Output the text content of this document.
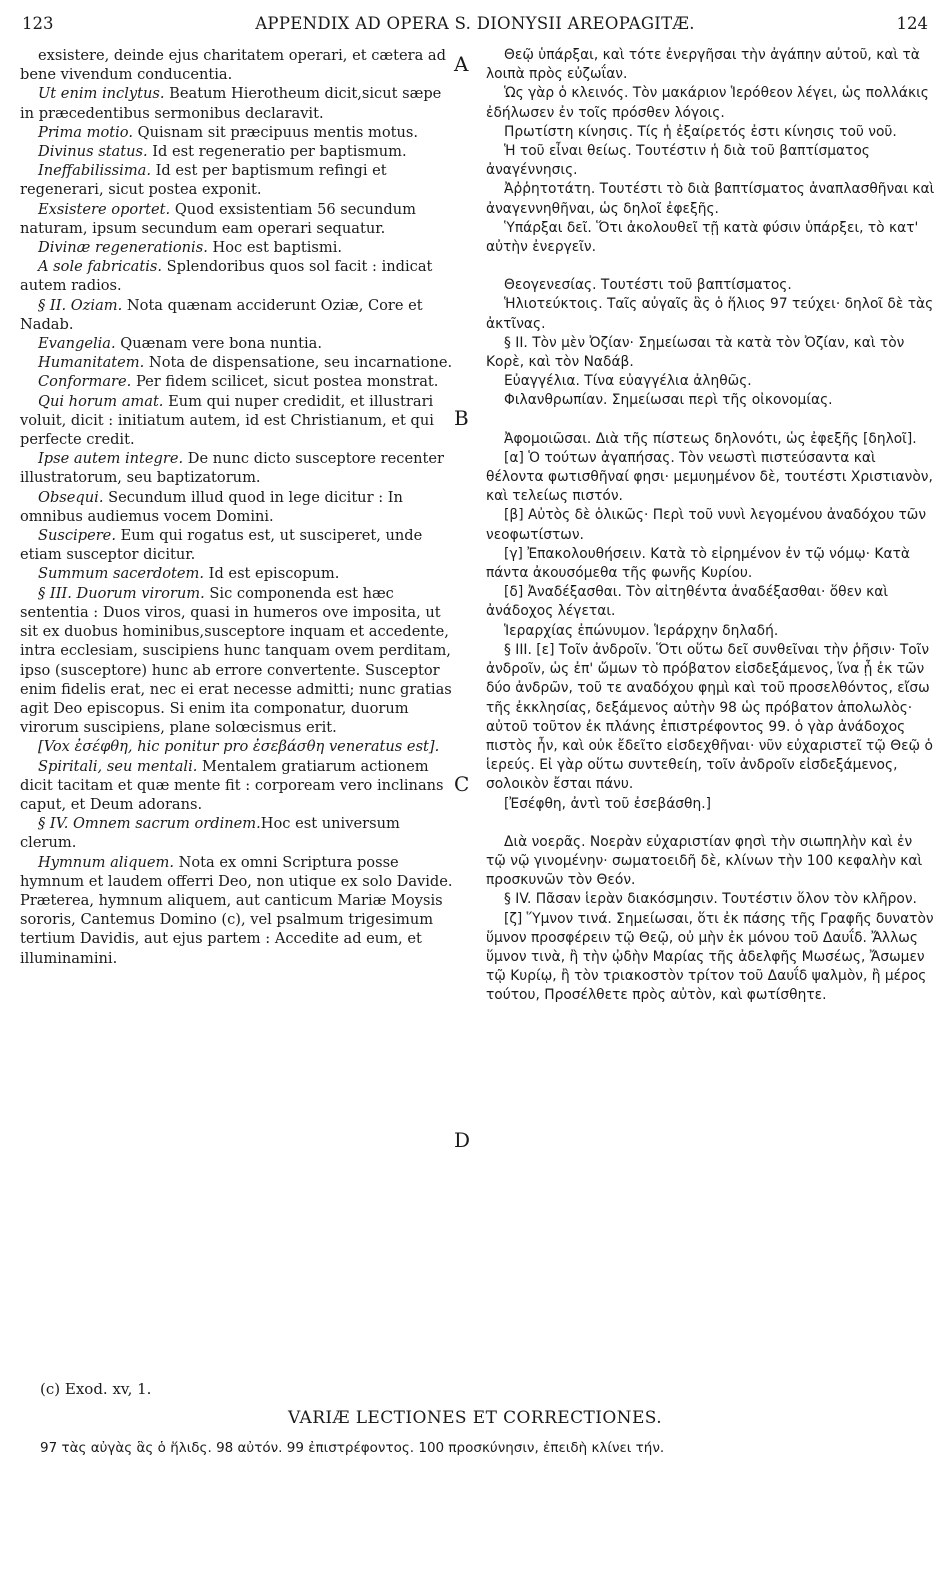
123	APPENDIX AD OPERA S. DIONYSII AREOPAGITÆ.	124

exsistere, deinde ejus charitatem operari, et cætera ad bene vivendum conducentia.

Ut enim inclytus. Beatum Hierotheum dicit,sicut sæpe in præcedentibus sermonibus declaravit.

Prima motio. Quisnam sit præcipuus mentis motus.

Divinus status. Id est regeneratio per baptismum.

Ineffabilissima. Id est per baptismum refingi et regenerari, sicut postea exponit.

Exsistere oportet. Quod exsistentiam 56 secundum naturam, ipsum secundum eam operari sequatur.

Divinæ regenerationis. Hoc est baptismi.

A sole fabricatis. Splendoribus quos sol facit : indicat autem radios.

§ II. Oziam. Nota quænam acciderunt Oziæ, Core et Nadab.

Evangelia. Quænam vere bona nuntia.

Humanitatem. Nota de dispensatione, seu incarnatione.

Conformare. Per fidem scilicet, sicut postea monstrat.

Qui horum amat. Eum qui nuper credidit, et illustrari voluit, dicit : initiatum autem, id est Christianum, et qui perfecte credit.

Ipse autem integre. De nunc dicto susceptore recenter illustratorum, seu baptizatorum.

Obsequi. Secundum illud quod in lege dicitur : In omnibus audiemus vocem Domini.

Suscipere. Eum qui rogatus est, ut susciperet, unde etiam susceptor dicitur.

Summum sacerdotem. Id est episcopum.

§ III. Duorum virorum. Sic componenda est hæc sententia : Duos viros, quasi in humeros ove imposita, ut sit ex duobus hominibus,susceptore inquam et accedente, intra ecclesiam, suscipiens hunc tanquam ovem perditam, ipso (susceptore) hunc ab errore convertente. Susceptor enim fidelis erat, nec ei erat necesse admitti; nunc gratias agit Deo episcopus. Si enim ita componatur, duorum virorum suscipiens, plane solœcismus erit.

[Vox ἐσέφθη, hic ponitur pro ἐσεβάσθη veneratus est].

Spiritali, seu mentali. Mentalem gratiarum actionem dicit tacitam et quæ mente fit : corpoream vero inclinans caput, et Deum adorans.

§ IV. Omnem sacrum ordinem.Hoc est universum clerum.

Hymnum aliquem. Nota ex omni Scriptura posse hymnum et laudem offerri Deo, non utique ex solo Davide. Præterea, hymnum aliquem, aut canticum Mariæ Moysis sororis, Cantemus Domino (c), vel psalmum trigesimum tertium Davidis, aut ejus partem : Accedite ad eum, et illuminamini.

Θεῷ ὑπάρξαι, καὶ τότε ἐνεργῆσαι τὴν ἀγάπην αὐτοῦ, καὶ τὰ λοιπὰ πρὸς εὐζωΐαν.

Ὡς γὰρ ὁ κλεινός. Τὸν μακάριον Ἱερόθεον λέγει, ὡς πολλάκις ἐδήλωσεν ἐν τοῖς πρόσθεν λόγοις.

Πρωτίστη κίνησις. Τίς ἡ ἐξαίρετός ἐστι κίνησις τοῦ νοῦ.

Ἡ τοῦ εἶναι θείως. Τουτέστιν ἡ διὰ τοῦ βαπτίσματος ἀναγέννησις.

Ἀῤῥητοτάτη. Τουτέστι τὸ διὰ βαπτίσματος ἀναπλασθῆναι καὶ ἀναγεννηθῆναι, ὡς δηλοῖ ἐφεξῆς.

Ὑπάρξαι δεῖ. Ὅτι ἀκολουθεῖ τῇ κατὰ φύσιν ὑπάρξει, τὸ κατ' αὐτὴν ἐνεργεῖν.

Θεογενεσίας. Τουτέστι τοῦ βαπτίσματος.

Ἡλιοτεύκτοις. Ταῖς αὐγαῖς ἃς ὁ ἥλιος 97 τεύχει· δηλοῖ δὲ τὰς ἀκτῖνας.

§ II. Τὸν μὲν Ὀζίαν· Σημείωσαι τὰ κατὰ τὸν Ὀζίαν, καὶ τὸν Κορὲ, καὶ τὸν Ναδάβ.

Εὐαγγέλια. Τίνα εὐαγγέλια ἀληθῶς.

Φιλανθρωπίαν. Σημείωσαι περὶ τῆς οἰκονομίας.

Ἀφομοιῶσαι. Διὰ τῆς πίστεως δηλονότι, ὡς ἐφεξῆς [δηλοῖ].

[α] Ὁ τούτων ἀγαπήσας. Τὸν νεωστὶ πιστεύσαντα καὶ θέλοντα φωτισθῆναί φησι· μεμυημένον δὲ, τουτέστι Χριστιανὸν, καὶ τελείως πιστόν.

[β] Αὐτὸς δὲ ὁλικῶς· Περὶ τοῦ νυνὶ λεγομένου ἀναδόχου τῶν νεοφωτίστων.

[γ] Ἐπακολουθήσειν. Κατὰ τὸ εἰρημένον ἐν τῷ νόμῳ· Κατὰ πάντα ἀκουσόμεθα τῆς φωνῆς Κυρίου.

[δ] Ἀναδέξασθαι. Τὸν αἰτηθέντα ἀναδέξασθαι· ὅθεν καὶ ἀνάδοχος λέγεται.

Ἱεραρχίας ἐπώνυμον. Ἱεράρχην δηλαδή.

§ III. [ε] Τοῖν ἀνδροῖν. Ὅτι οὕτω δεῖ συνθεῖναι τὴν ῥῆσιν· Τοῖν ἀνδροῖν, ὡς ἐπ' ὤμων τὸ πρόβατον εἰσδεξάμενος, ἵνα ᾖ ἐκ τῶν δύο ἀνδρῶν, τοῦ τε αναδόχου φημὶ καὶ τοῦ προσελθόντος, εἴσω τῆς ἐκκλησίας, δεξάμενος αὐτὴν 98 ὡς πρόβατον ἀπολωλὸς· αὐτοῦ τοῦτον ἐκ πλάνης ἐπιστρέφοντος 99. ὁ γὰρ ἀνάδοχος πιστὸς ἦν, καὶ οὐκ ἔδεῖτο εἰσδεχθῆναι· νῦν εὐχαριστεῖ τῷ Θεῷ ὁ ἱερεύς. Εἰ γὰρ οὕτω συντεθείη, τοῖν ἀνδροῖν εἰσδεξάμενος, σολοικὸν ἔσται πάνυ.

[Ἐσέφθη, ἀντὶ τοῦ ἐσεβάσθη.]

Διὰ νοερᾶς. Νοερὰν εὐχαριστίαν φησὶ τὴν σιωπηλὴν καὶ ἐν τῷ νῷ γινομένην· σωματοειδῆ δὲ, κλίνων τὴν 100 κεφαλὴν καὶ προσκυνῶν τὸν Θεόν.

§ IV. Πᾶσαν ἱερὰν διακόσμησιν. Τουτέστιν ὅλον τὸν κλῆρον.

[ζ] Ὕμνον τινά. Σημείωσαι, ὅτι ἐκ πάσης τῆς Γραφῆς δυνατὸν ὕμνον προσφέρειν τῷ Θεῷ, οὐ μὴν ἐκ μόνου τοῦ Δαυΐδ. Ἄλλως ὕμνον τινὰ, ἢ τὴν ᾠδὴν Μαρίας τῆς ἀδελφῆς Μωσέως, Ἄσωμεν τῷ Κυρίῳ, ἢ τὸν τριακοστὸν τρίτον τοῦ Δαυΐδ ψαλμὸν, ἢ μέρος τούτου, Προσέλθετε πρὸς αὐτὸν, καὶ φωτίσθητε.

A
B
C
D
(c) Exod. xv, 1.
VARIÆ LECTIONES ET CORRECTIONES.
97 τὰς αὐγὰς ἃς ὁ ἥλιδς. 98 αὐτόν. 99 ἐπιστρέφοντος. 100 προσκύνησιν, ἐπειδὴ κλίνει τήν.
